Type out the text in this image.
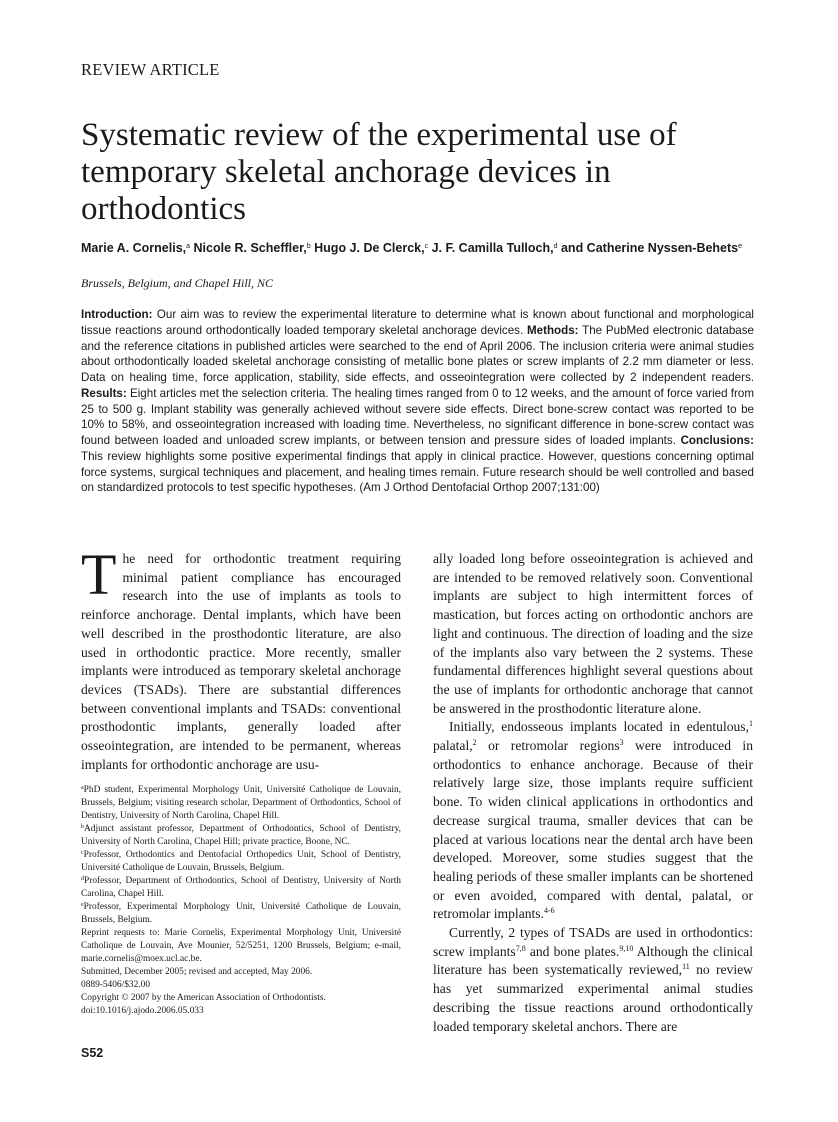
REVIEW ARTICLE
Systematic review of the experimental use of temporary skeletal anchorage devices in orthodontics
Marie A. Cornelis,$^a$ Nicole R. Scheffler,$^b$ Hugo J. De Clerck,$^c$ J. F. Camilla Tulloch,$^d$ and Catherine Nyssen-Behets$^e$
Brussels, Belgium, and Chapel Hill, NC
Introduction: Our aim was to review the experimental literature to determine what is known about functional and morphological tissue reactions around orthodontically loaded temporary skeletal anchorage devices. Methods: The PubMed electronic database and the reference citations in published articles were searched to the end of April 2006. The inclusion criteria were animal studies about orthodontically loaded skeletal anchorage consisting of metallic bone plates or screw implants of 2.2 mm diameter or less. Data on healing time, force application, stability, side effects, and osseointegration were collected by 2 independent readers. Results: Eight articles met the selection criteria. The healing times ranged from 0 to 12 weeks, and the amount of force varied from 25 to 500 g. Implant stability was generally achieved without severe side effects. Direct bone-screw contact was reported to be 10% to 58%, and osseointegration increased with loading time. Nevertheless, no significant difference in bone-screw contact was found between loaded and unloaded screw implants, or between tension and pressure sides of loaded implants. Conclusions: This review highlights some positive experimental findings that apply in clinical practice. However, questions concerning optimal force systems, surgical techniques and placement, and healing times remain. Future research should be well controlled and based on standardized protocols to test specific hypotheses. (Am J Orthod Dentofacial Orthop 2007;131:00)

The need for orthodontic treatment requiring minimal patient compliance has encouraged research into the use of implants as tools to reinforce anchorage. Dental implants, which have been well described in the prosthodontic literature, are also used in orthodontic practice. More recently, smaller implants were introduced as temporary skeletal anchorage devices (TSADs). There are substantial differences between conventional implants and TSADs: conventional prosthodontic implants, generally loaded after osseointegration, are intended to be permanent, whereas implants for orthodontic anchorage are usu-

$^a$PhD student, Experimental Morphology Unit, Université Catholique de Louvain, Brussels, Belgium; visiting research scholar, Department of Orthodontics, School of Dentistry, University of North Carolina, Chapel Hill.
$^b$Adjunct assistant professor, Department of Orthodontics, School of Dentistry, University of North Carolina, Chapel Hill; private practice, Boone, NC.
$^c$Professor, Orthodontics and Dentofacial Orthopedics Unit, School of Dentistry, Université Catholique de Louvain, Brussels, Belgium.
$^d$Professor, Department of Orthodontics, School of Dentistry, University of North Carolina, Chapel Hill.
$^e$Professor, Experimental Morphology Unit, Université Catholique de Louvain, Brussels, Belgium.
Reprint requests to: Marie Cornelis, Experimental Morphology Unit, Université Catholique de Louvain, Ave Mounier, 52/5251, 1200 Brussels, Belgium; e-mail, marie.cornelis@moex.ucl.ac.be.
Submitted, December 2005; revised and accepted, May 2006.
0889-5406/$32.00
Copyright © 2007 by the American Association of Orthodontists.
doi:10.1016/j.ajodo.2006.05.033

ally loaded long before osseointegration is achieved and are intended to be removed relatively soon. Conventional implants are subject to high intermittent forces of mastication, but forces acting on orthodontic anchors are light and continuous. The direction of loading and the size of the implants also vary between the 2 systems. These fundamental differences highlight several questions about the use of implants for orthodontic anchorage that cannot be answered in the prosthodontic literature alone.

Initially, endosseous implants located in edentulous,$^1$ palatal,$^2$ or retromolar regions$^3$ were introduced in orthodontics to enhance anchorage. Because of their relatively large size, those implants require sufficient bone. To widen clinical applications in orthodontics and decrease surgical trauma, smaller devices that can be placed at various locations near the dental arch have been developed. Moreover, some studies suggest that the healing periods of these smaller implants can be shortened or even avoided, compared with dental, palatal, or retromolar implants.$^{4-6}$

Currently, 2 types of TSADs are used in orthodontics: screw implants$^{7,8}$ and bone plates.$^{9,10}$ Although the clinical literature has been systematically reviewed,$^{11}$ no review has yet summarized experimental animal studies describing the tissue reactions around orthodontically loaded temporary skeletal anchors. There are

S52
